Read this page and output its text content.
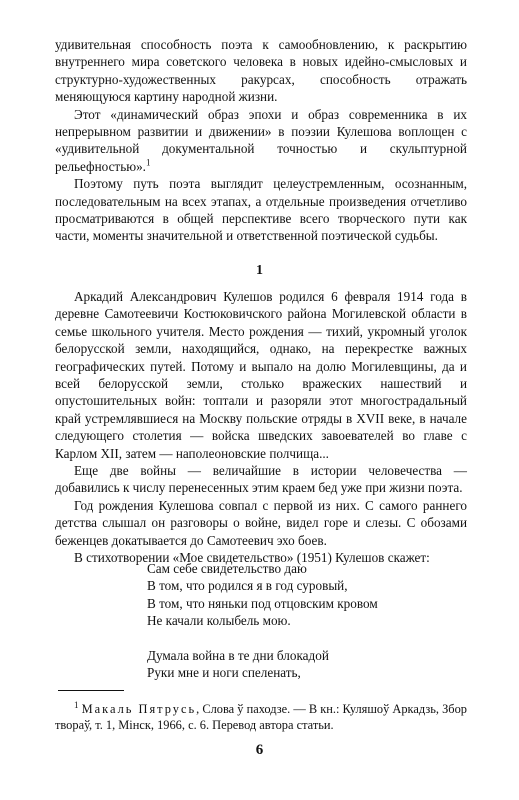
удивительная способность поэта к самообновлению, к раскрытию внутреннего мира советского человека в новых идейно-смысловых и структурно-художественных ракурсах, способность отражать меняющуюся картину народной жизни.

Этот «динамический образ эпохи и образ современника в их непрерывном развитии и движении» в поэзии Кулешова воплощен с «удивительной документальной точностью и скульптурной рельефностью».$^1$

Поэтому путь поэта выглядит целеустремленным, осознанным, последовательным на всех этапах, а отдельные произведения отчетливо просматриваются в общей перспективе всего творческого пути как части, моменты значительной и ответственной поэтической судьбы.

1

Аркадий Александрович Кулешов родился 6 февраля 1914 года в деревне Самотеевичи Костюковичского района Могилевской области в семье школьного учителя. Место рождения — тихий, укромный уголок белорусской земли, находящийся, однако, на перекрестке важных географических путей. Потому и выпало на долю Могилевщины, да и всей белорусской земли, столько вражеских нашествий и опустошительных войн: топтали и разоряли этот многострадальный край устремлявшиеся на Москву польские отряды в XVII веке, в начале следующего столетия — войска шведских завоевателей во главе с Карлом XII, затем — наполеоновские полчища...

Еще две войны — величайшие в истории человечества — добавились к числу перенесенных этим краем бед уже при жизни поэта.

Год рождения Кулешова совпал с первой из них. С самого раннего детства слышал он разговоры о войне, видел горе и слезы. С обозами беженцев докатывается до Самотеевич эхо боев.

В стихотворении «Мое свидетельство» (1951) Кулешов скажет:

Сам себе свидетельство даю

В том, что родился я в год суровый,

В том, что няньки под отцовским кровом

Не качали колыбель мою.

Думала война в те дни блокадой

Руки мне и ноги спеленать,

$^1$ Макаль Пятрусь, Слова ў паходзе. — В кн.: Куляшоў Аркадзь, Збор твораў, т. 1, Мінск, 1966, с. 6. Перевод автора статьи.

6
